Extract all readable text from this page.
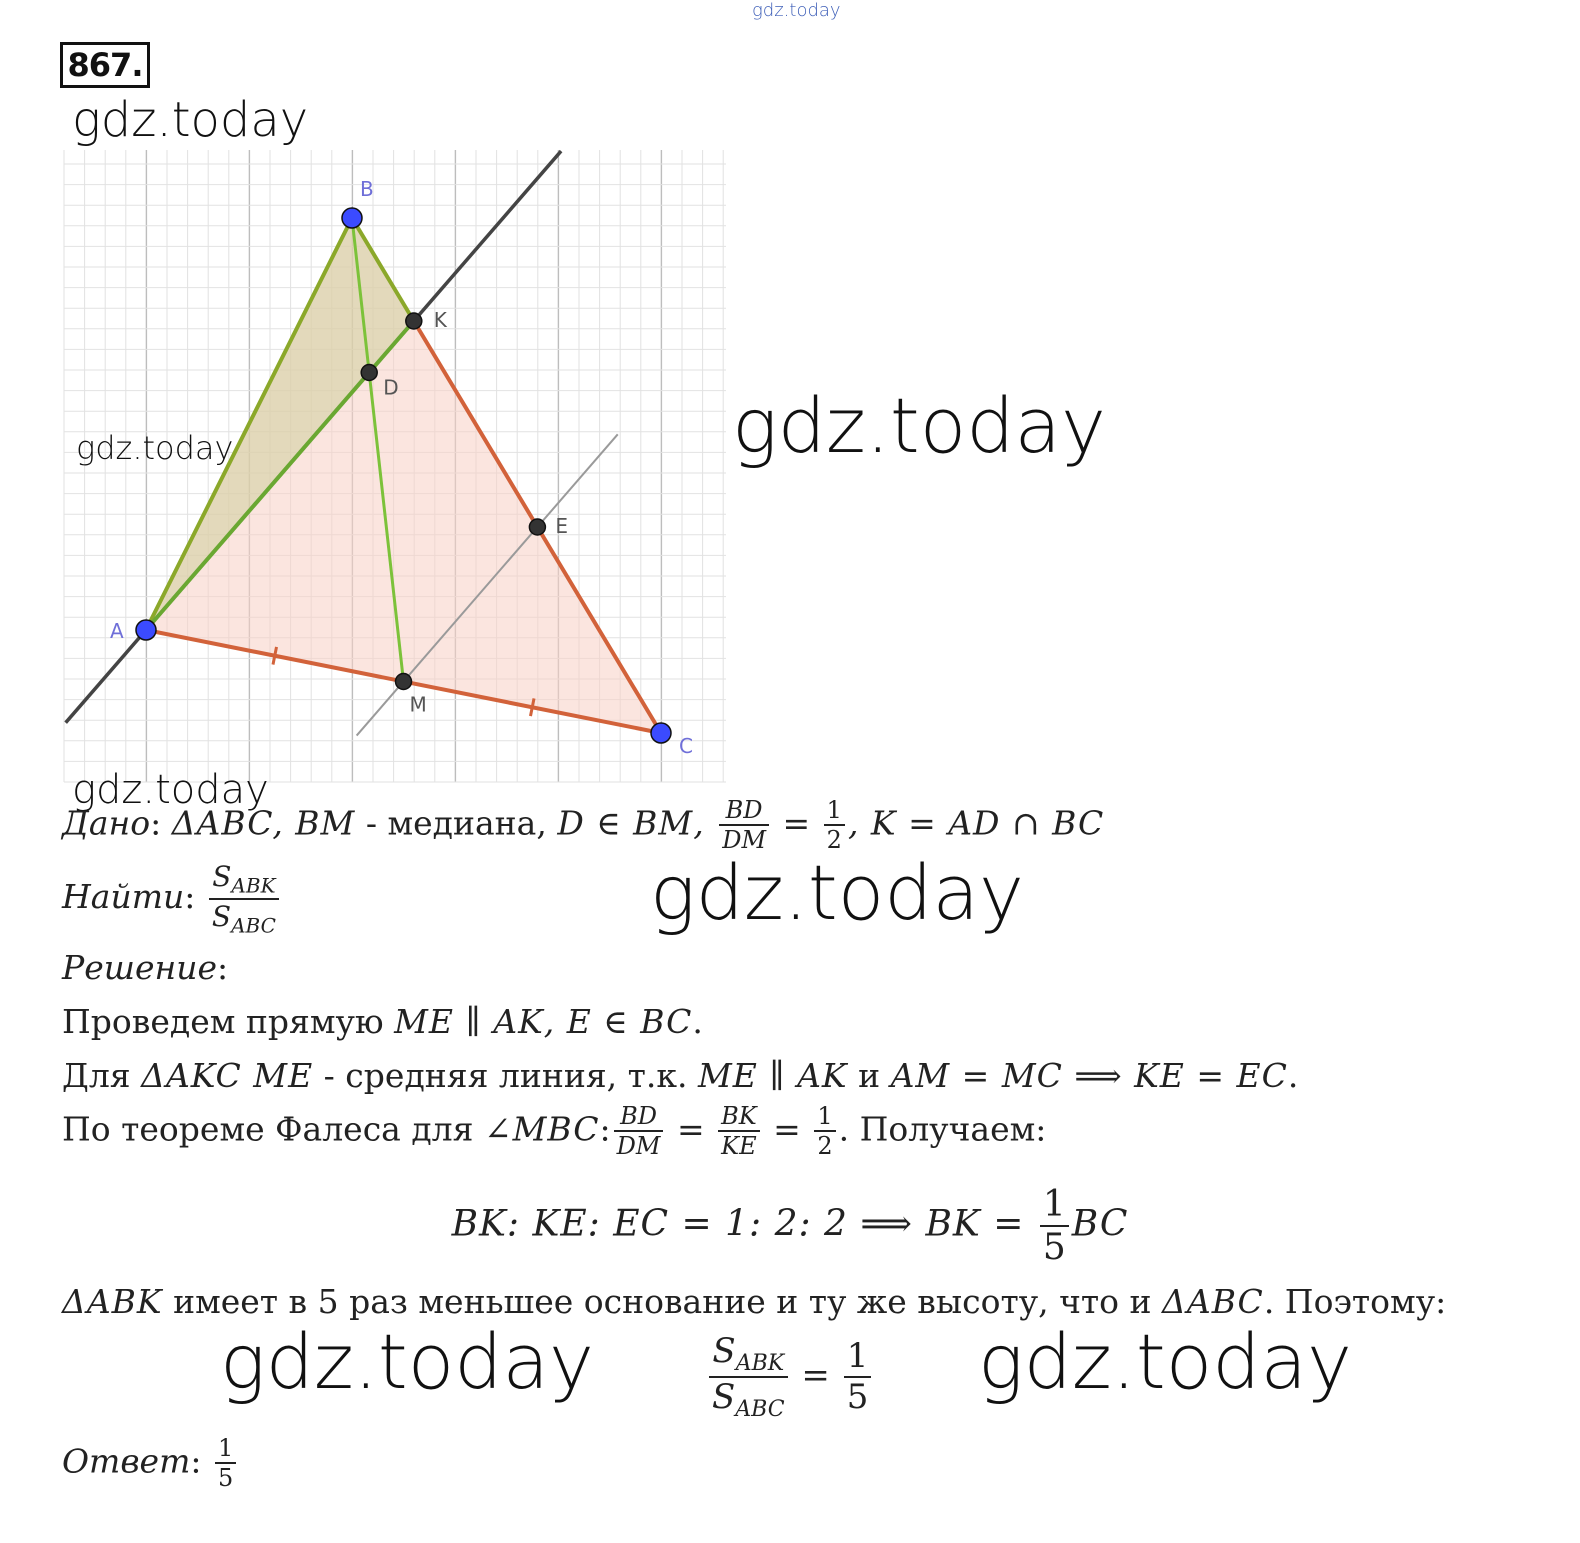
gdz.today
867.
gdz.today
A
B
C
K
D
M
E
gdz.today	gdz.today
gdz.today
Дано: ΔABC, BM - медиана, D ∈ BM, $\frac{BD}{DM} = \frac{1}{2}$ , K = AD ∩ BC
gdz.today
Найти: $\frac{S_{ABK}}{S_{ABC}}$
Решение:
Проведем прямую ME ∥ AK, E ∈ BC.
Для ΔAKC ME - средняя линия, т.к. ME ∥ AK и AM = MC ⟹ KE = EC.
По теореме Фалеса для ∠MBC: $\frac{BD}{DM} = \frac{BK}{KE} = \frac{1}{2}$ . Получаем:
BK: KE: EC = 1: 2: 2 ⟹ BK = $\frac{1}{5}$ BC
ΔABK имеет в 5 раз меньшее основание и ту же высоту, что и ΔABC. Поэтому:
gdz.today	gdz.today
$\frac{S_{ABK}}{S_{ABC}} = \frac{1}{5}$
Ответ: $\frac{1}{5}$
